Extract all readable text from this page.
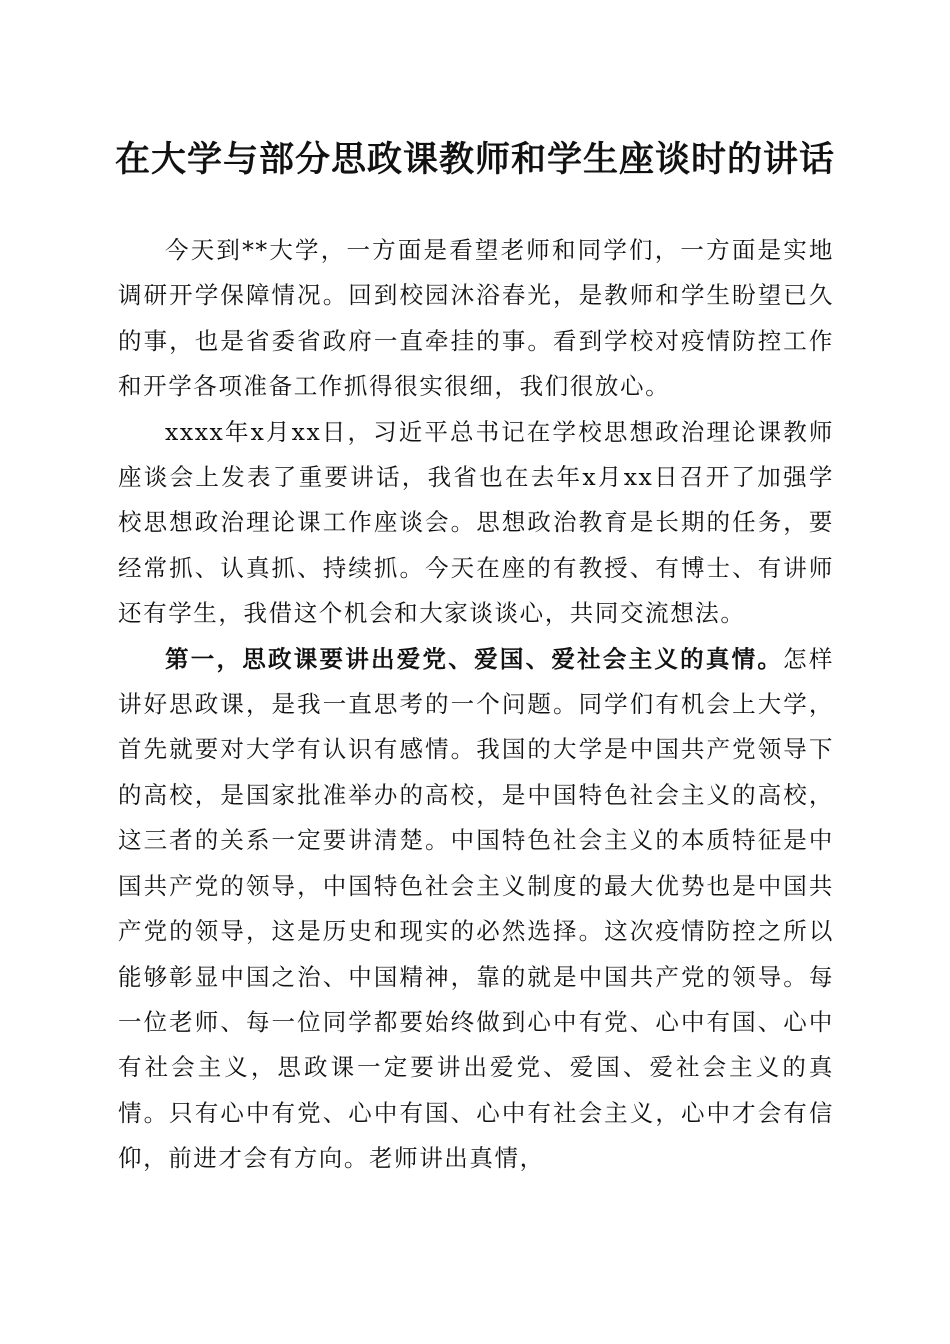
在大学与部分思政课教师和学生座谈时的讲话

今天到**大学，一方面是看望老师和同学们，一方面是实地调研开学保障情况。回到校园沐浴春光，是教师和学生盼望已久的事，也是省委省政府一直牵挂的事。看到学校对疫情防控工作和开学各项准备工作抓得很实很细，我们很放心。

xxxx年x月xx日，习近平总书记在学校思想政治理论课教师座谈会上发表了重要讲话，我省也在去年x月xx日召开了加强学校思想政治理论课工作座谈会。思想政治教育是长期的任务，要经常抓、认真抓、持续抓。今天在座的有教授、有博士、有讲师还有学生，我借这个机会和大家谈谈心，共同交流想法。

第一，思政课要讲出爱党、爱国、爱社会主义的真情。怎样讲好思政课，是我一直思考的一个问题。同学们有机会上大学，首先就要对大学有认识有感情。我国的大学是中国共产党领导下的高校，是国家批准举办的高校，是中国特色社会主义的高校，这三者的关系一定要讲清楚。中国特色社会主义的本质特征是中国共产党的领导，中国特色社会主义制度的最大优势也是中国共产党的领导，这是历史和现实的必然选择。这次疫情防控之所以能够彰显中国之治、中国精神，靠的就是中国共产党的领导。每一位老师、每一位同学都要始终做到心中有党、心中有国、心中有社会主义，思政课一定要讲出爱党、爱国、爱社会主义的真情。只有心中有党、心中有国、心中有社会主义，心中才会有信仰，前进才会有方向。老师讲出真情，
